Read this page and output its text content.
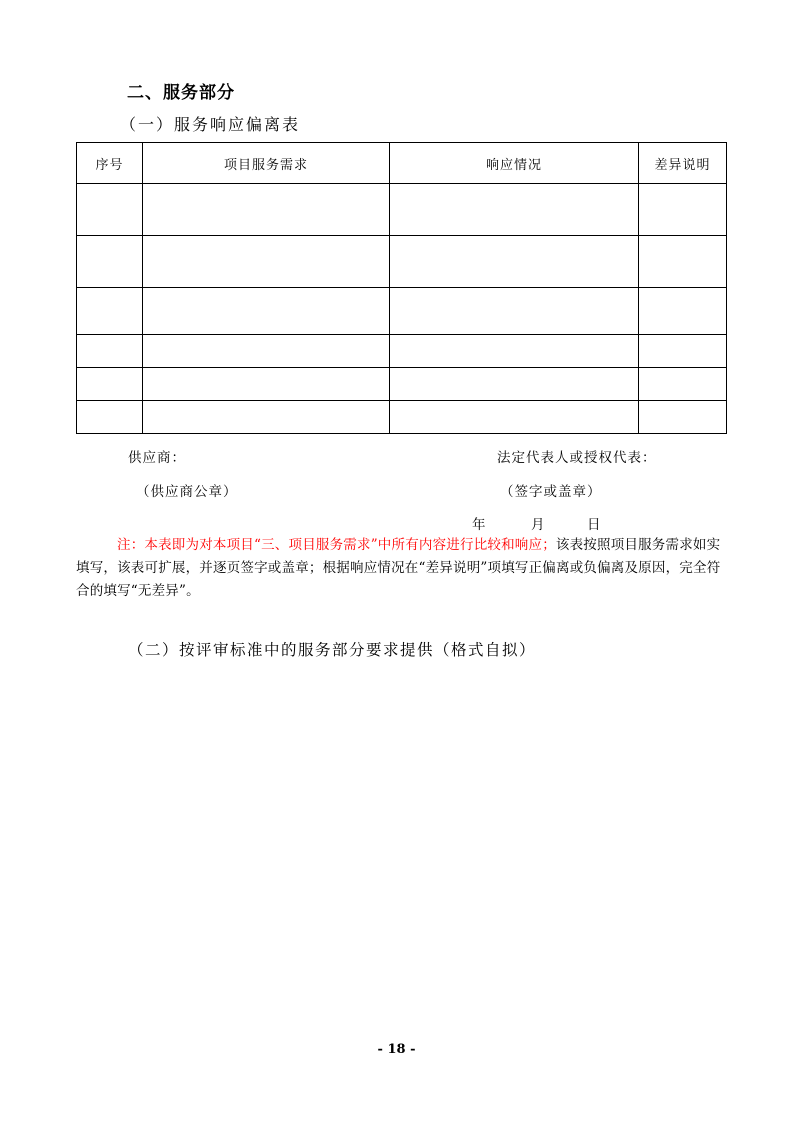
二、服务部分
（一）服务响应偏离表
序号	项目服务需求	响应情况	差异说明

供应商：	法定代表人或授权代表：
（供应商公章）	（签字或盖章）
年	月	日
注：本表即为对本项目“三、项目服务需求”中所有内容进行比较和响应；该表按照项目服务需求如实填写，该表可扩展，并逐页签字或盖章；根据响应情况在“差异说明”项填写正偏离或负偏离及原因，完全符合的填写“无差异”。
（二）按评审标准中的服务部分要求提供（格式自拟）
- 18 -
